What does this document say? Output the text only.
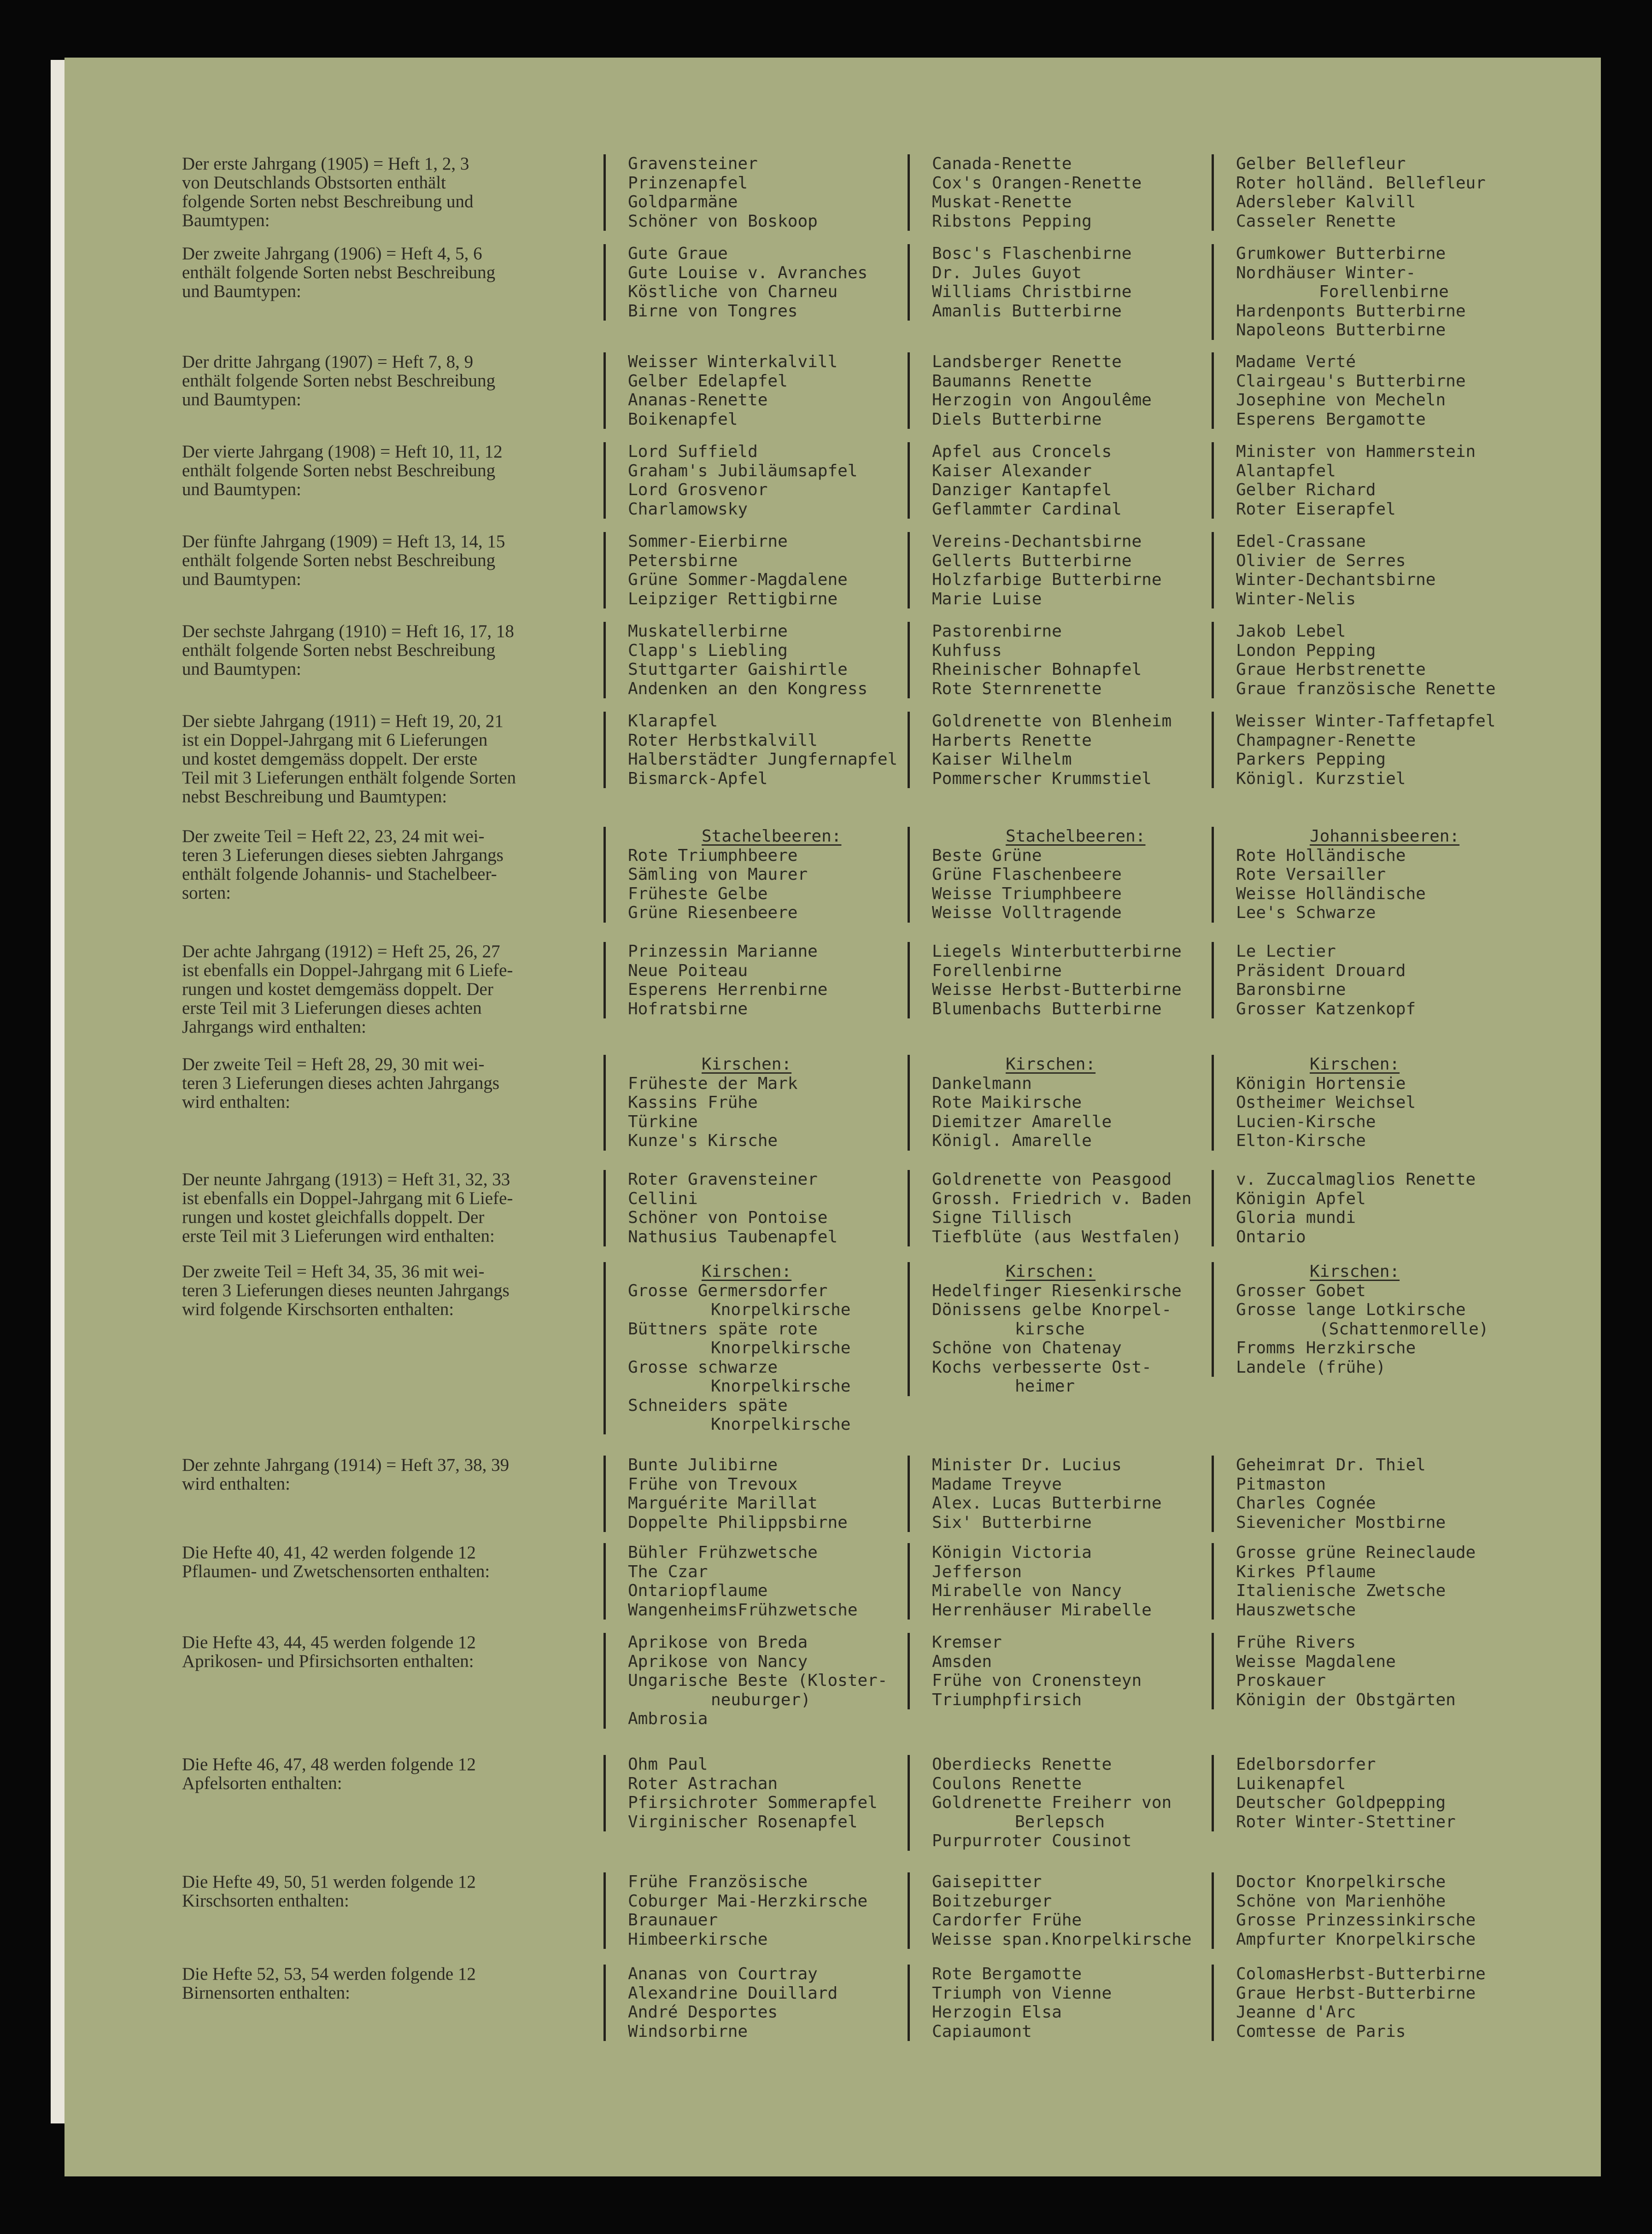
Der erste Jahrgang (1905) = Heft 1, 2, 3
von Deutschlands Obstsorten enthält
folgende Sorten nebst Beschreibung und
Baumtypen:
Gravensteiner
Prinzenapfel
Goldparmäne
Schöner von Boskoop
Canada-Renette
Cox's Orangen-Renette
Muskat-Renette
Ribstons Pepping
Gelber Bellefleur
Roter holländ. Bellefleur
Adersleber Kalvill
Casseler Renette
Der zweite Jahrgang (1906) = Heft 4, 5, 6
enthält folgende Sorten nebst Beschreibung
und Baumtypen:
Gute Graue
Gute Louise v. Avranches
Köstliche von Charneu
Birne von Tongres
Bosc's Flaschenbirne
Dr. Jules Guyot
Williams Christbirne
Amanlis Butterbirne
Grumkower Butterbirne
Nordhäuser Winter-
Forellenbirne
Hardenponts Butterbirne
Napoleons Butterbirne
Der dritte Jahrgang (1907) = Heft 7, 8, 9
enthält folgende Sorten nebst Beschreibung
und Baumtypen:
Weisser Winterkalvill
Gelber Edelapfel
Ananas-Renette
Boikenapfel
Landsberger Renette
Baumanns Renette
Herzogin von Angoulême
Diels Butterbirne
Madame Verté
Clairgeau's Butterbirne
Josephine von Mecheln
Esperens Bergamotte
Der vierte Jahrgang (1908) = Heft 10, 11, 12
enthält folgende Sorten nebst Beschreibung
und Baumtypen:
Lord Suffield
Graham's Jubiläumsapfel
Lord Grosvenor
Charlamowsky
Apfel aus Croncels
Kaiser Alexander
Danziger Kantapfel
Geflammter Cardinal
Minister von Hammerstein
Alantapfel
Gelber Richard
Roter Eiserapfel
Der fünfte Jahrgang (1909) = Heft 13, 14, 15
enthält folgende Sorten nebst Beschreibung
und Baumtypen:
Sommer-Eierbirne
Petersbirne
Grüne Sommer-Magdalene
Leipziger Rettigbirne
Vereins-Dechantsbirne
Gellerts Butterbirne
Holzfarbige Butterbirne
Marie Luise
Edel-Crassane
Olivier de Serres
Winter-Dechantsbirne
Winter-Nelis
Der sechste Jahrgang (1910) = Heft 16, 17, 18
enthält folgende Sorten nebst Beschreibung
und Baumtypen:
Muskatellerbirne
Clapp's Liebling
Stuttgarter Gaishirtle
Andenken an den Kongress
Pastorenbirne
Kuhfuss
Rheinischer Bohnapfel
Rote Sternrenette
Jakob Lebel
London Pepping
Graue Herbstrenette
Graue französische Renette
Der siebte Jahrgang (1911) = Heft 19, 20, 21
ist ein Doppel-Jahrgang mit 6 Lieferungen
und kostet demgemäss doppelt. Der erste
Teil mit 3 Lieferungen enthält folgende Sorten
nebst Beschreibung und Baumtypen:
Klarapfel
Roter Herbstkalvill
Halberstädter Jungfernapfel
Bismarck-Apfel
Goldrenette von Blenheim
Harberts Renette
Kaiser Wilhelm
Pommerscher Krummstiel
Weisser Winter-Taffetapfel
Champagner-Renette
Parkers Pepping
Königl. Kurzstiel
Der zweite Teil = Heft 22, 23, 24 mit wei-
teren 3 Lieferungen dieses siebten Jahrgangs
enthält folgende Johannis- und Stachelbeer-
sorten:
Stachelbeeren:
Rote Triumphbeere
Sämling von Maurer
Früheste Gelbe
Grüne Riesenbeere
Stachelbeeren:
Beste Grüne
Grüne Flaschenbeere
Weisse Triumphbeere
Weisse Volltragende
Johannisbeeren:
Rote Holländische
Rote Versailler
Weisse Holländische
Lee's Schwarze
Der achte Jahrgang (1912) = Heft 25, 26, 27
ist ebenfalls ein Doppel-Jahrgang mit 6 Liefe-
rungen und kostet demgemäss doppelt. Der
erste Teil mit 3 Lieferungen dieses achten
Jahrgangs wird enthalten:
Prinzessin Marianne
Neue Poiteau
Esperens Herrenbirne
Hofratsbirne
Liegels Winterbutterbirne
Forellenbirne
Weisse Herbst-Butterbirne
Blumenbachs Butterbirne
Le Lectier
Präsident Drouard
Baronsbirne
Grosser Katzenkopf
Der zweite Teil = Heft 28, 29, 30 mit wei-
teren 3 Lieferungen dieses achten Jahrgangs
wird enthalten:
Kirschen:
Früheste der Mark
Kassins Frühe
Türkine
Kunze's Kirsche
Kirschen:
Dankelmann
Rote Maikirsche
Diemitzer Amarelle
Königl. Amarelle
Kirschen:
Königin Hortensie
Ostheimer Weichsel
Lucien-Kirsche
Elton-Kirsche
Der neunte Jahrgang (1913) = Heft 31, 32, 33
ist ebenfalls ein Doppel-Jahrgang mit 6 Liefe-
rungen und kostet gleichfalls doppelt. Der
erste Teil mit 3 Lieferungen wird enthalten:
Roter Gravensteiner
Cellini
Schöner von Pontoise
Nathusius Taubenapfel
Goldrenette von Peasgood
Grossh. Friedrich v. Baden
Signe Tillisch
Tiefblüte (aus Westfalen)
v. Zuccalmaglios Renette
Königin Apfel
Gloria mundi
Ontario
Der zweite Teil = Heft 34, 35, 36 mit wei-
teren 3 Lieferungen dieses neunten Jahrgangs
wird folgende Kirschsorten enthalten:
Kirschen:
Grosse Germersdorfer
Knorpelkirsche
Büttners späte rote
Knorpelkirsche
Grosse schwarze
Knorpelkirsche
Schneiders späte
Knorpelkirsche
Kirschen:
Hedelfinger Riesenkirsche
Dönissens gelbe Knorpel-
kirsche
Schöne von Chatenay
Kochs verbesserte Ost-
heimer
Kirschen:
Grosser Gobet
Grosse lange Lotkirsche
(Schattenmorelle)
Fromms Herzkirsche
Landele (frühe)
Der zehnte Jahrgang (1914) = Heft 37, 38, 39
wird enthalten:
Bunte Julibirne
Frühe von Trevoux
Marguérite Marillat
Doppelte Philippsbirne
Minister Dr. Lucius
Madame Treyve
Alex. Lucas Butterbirne
Six' Butterbirne
Geheimrat Dr. Thiel
Pitmaston
Charles Cognée
Sievenicher Mostbirne
Die Hefte 40, 41, 42 werden folgende 12
Pflaumen- und Zwetschensorten enthalten:
Bühler Frühzwetsche
The Czar
Ontariopflaume
WangenheimsFrühzwetsche
Königin Victoria
Jefferson
Mirabelle von Nancy
Herrenhäuser Mirabelle
Grosse grüne Reineclaude
Kirkes Pflaume
Italienische Zwetsche
Hauszwetsche
Die Hefte 43, 44, 45 werden folgende 12
Aprikosen- und Pfirsichsorten enthalten:
Aprikose von Breda
Aprikose von Nancy
Ungarische Beste (Kloster-
neuburger)
Ambrosia
Kremser
Amsden
Frühe von Cronensteyn
Triumphpfirsich
Frühe Rivers
Weisse Magdalene
Proskauer
Königin der Obstgärten
Die Hefte 46, 47, 48 werden folgende 12
Apfelsorten enthalten:
Ohm Paul
Roter Astrachan
Pfirsichroter Sommerapfel
Virginischer Rosenapfel
Oberdiecks Renette
Coulons Renette
Goldrenette Freiherr von
Berlepsch
Purpurroter Cousinot
Edelborsdorfer
Luikenapfel
Deutscher Goldpepping
Roter Winter-Stettiner
Die Hefte 49, 50, 51 werden folgende 12
Kirschsorten enthalten:
Frühe Französische
Coburger Mai-Herzkirsche
Braunauer
Himbeerkirsche
Gaisepitter
Boitzeburger
Cardorfer Frühe
Weisse span.Knorpelkirsche
Doctor Knorpelkirsche
Schöne von Marienhöhe
Grosse Prinzessinkirsche
Ampfurter Knorpelkirsche
Die Hefte 52, 53, 54 werden folgende 12
Birnensorten enthalten:
Ananas von Courtray
Alexandrine Douillard
André Desportes
Windsorbirne
Rote Bergamotte
Triumph von Vienne
Herzogin Elsa
Capiaumont
ColomasHerbst-Butterbirne
Graue Herbst-Butterbirne
Jeanne d'Arc
Comtesse de Paris
